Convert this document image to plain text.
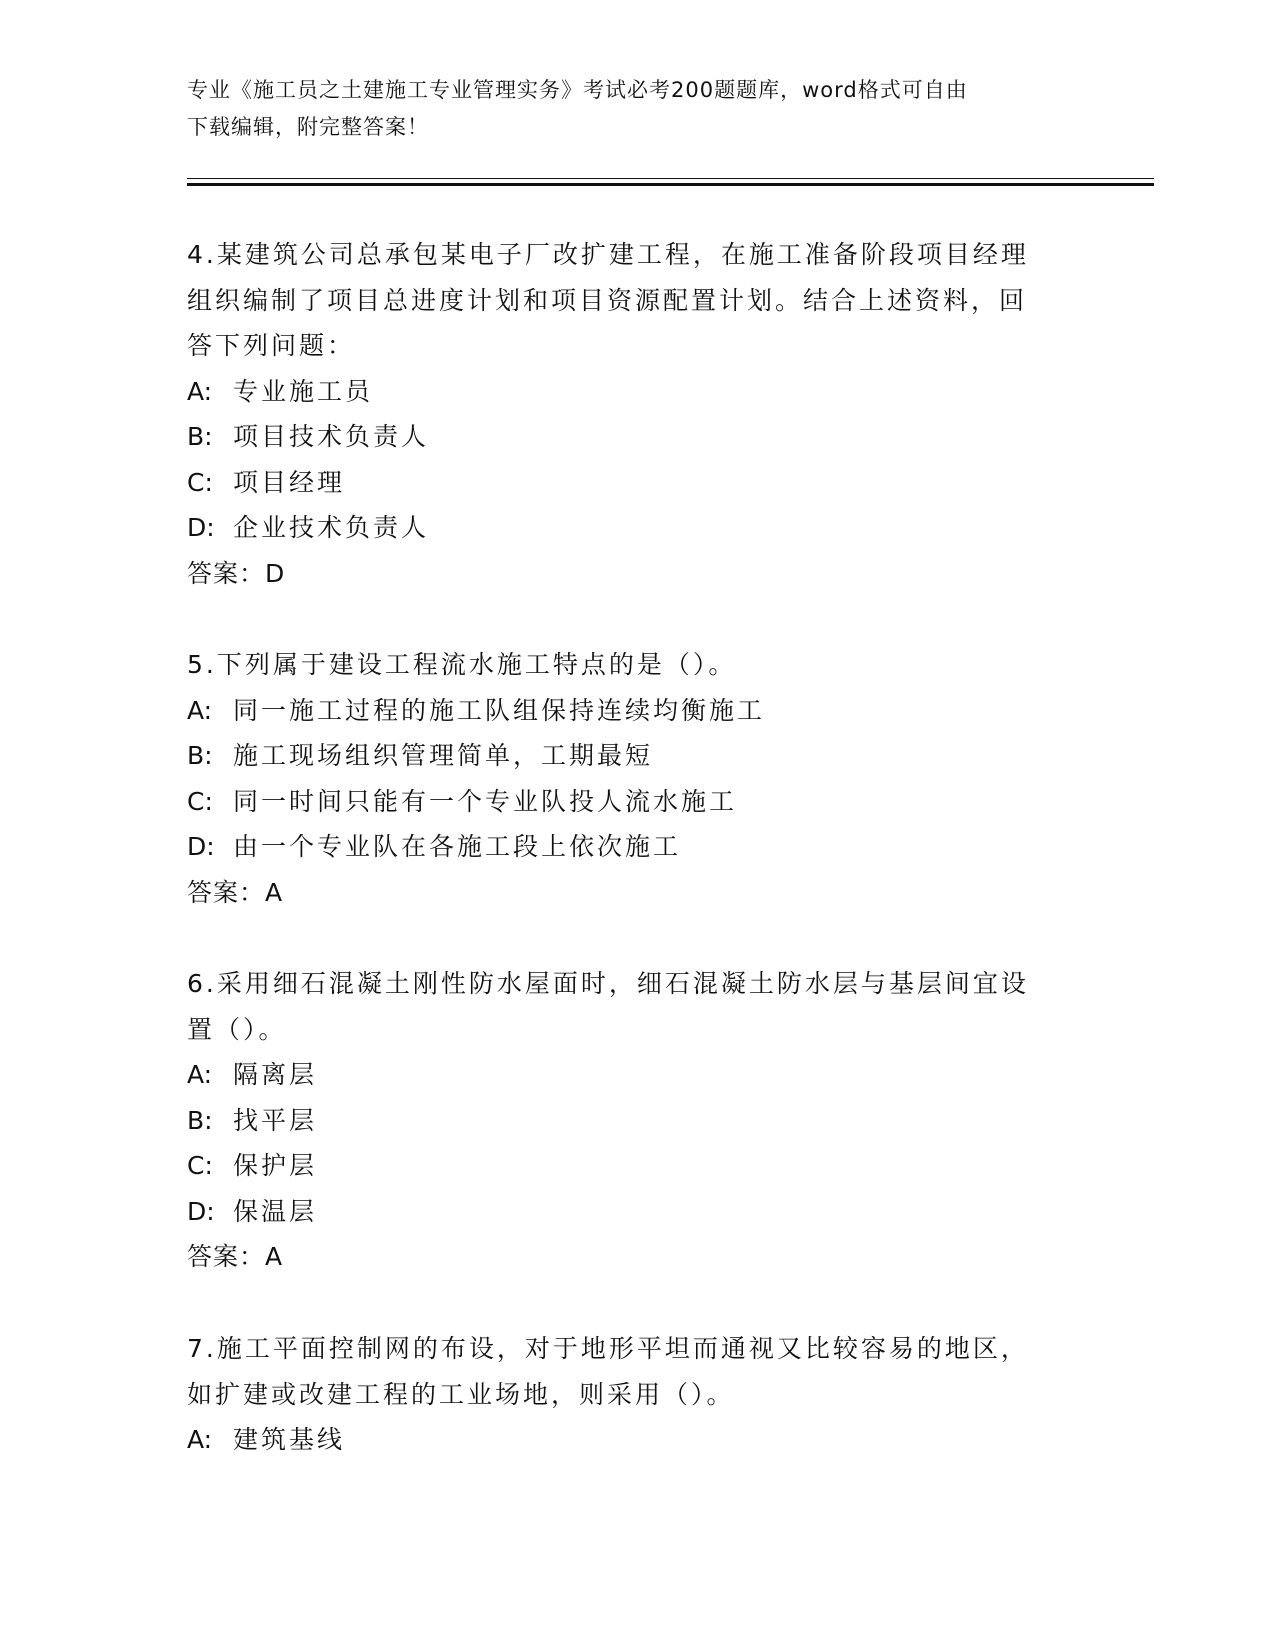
专业《施工员之土建施工专业管理实务》考试必考200题题库，word格式可自由
下载编辑，附完整答案！

4.某建筑公司总承包某电子厂改扩建工程，在施工准备阶段项目经理

组织编制了项目总进度计划和项目资源配置计划。结合上述资料，回

答下列问题：

A: 专业施工员

B: 项目技术负责人

C: 项目经理

D: 企业技术负责人

答案：D

5.下列属于建设工程流水施工特点的是（）。

A: 同一施工过程的施工队组保持连续均衡施工

B: 施工现场组织管理简单，工期最短

C: 同一时间只能有一个专业队投人流水施工

D: 由一个专业队在各施工段上依次施工

答案：A

6.采用细石混凝土刚性防水屋面时，细石混凝土防水层与基层间宜设

置（）。

A: 隔离层

B: 找平层

C: 保护层

D: 保温层

答案：A

7.施工平面控制网的布设，对于地形平坦而通视又比较容易的地区，

如扩建或改建工程的工业场地，则采用（）。

A: 建筑基线
